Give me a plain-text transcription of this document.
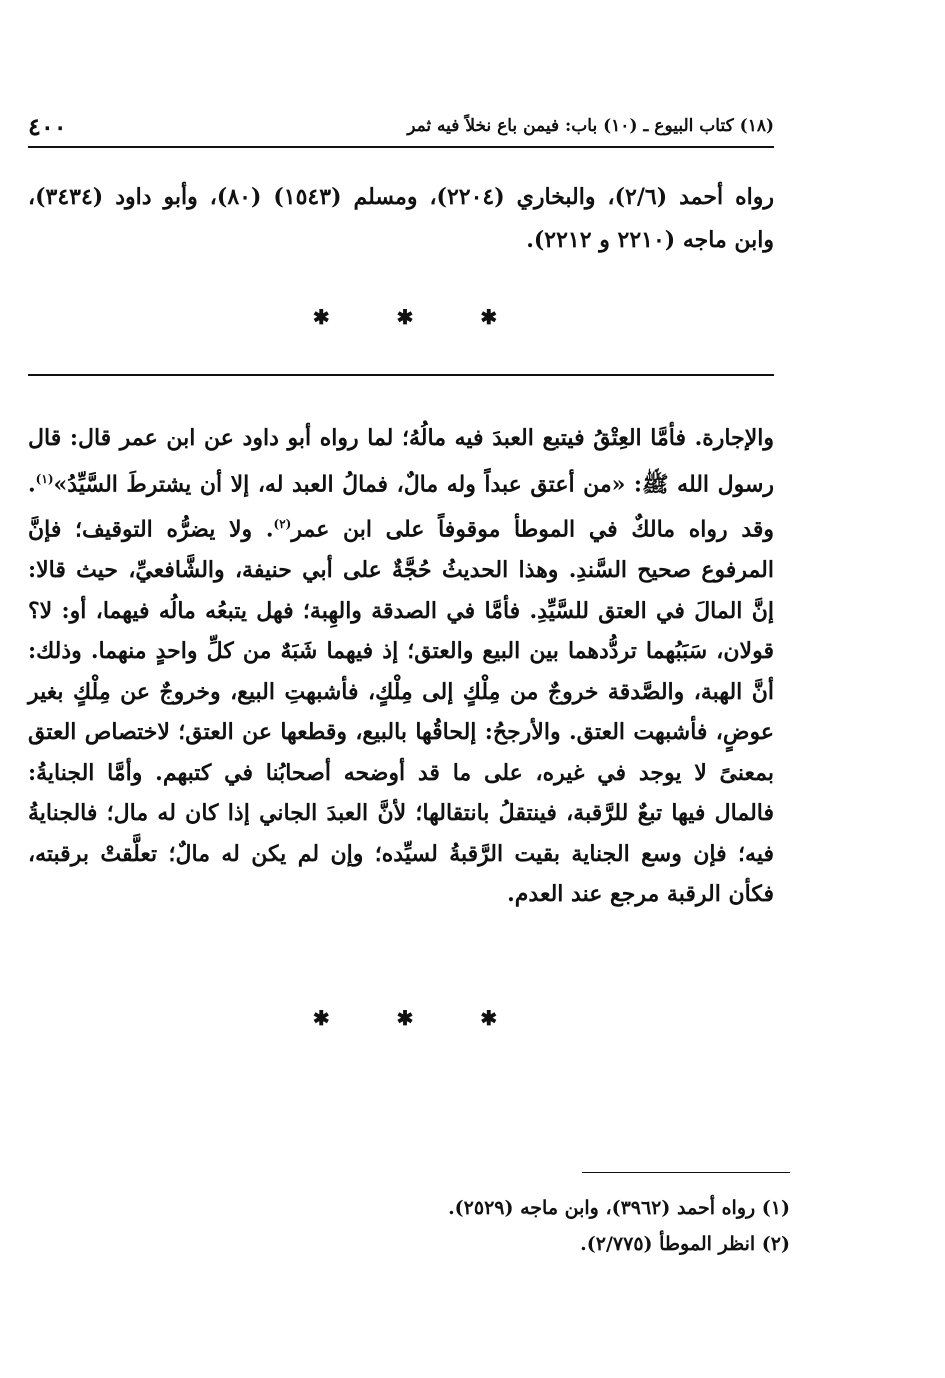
٤٠٠	(١٨) كتاب البيوع ـ (١٠) باب: فيمن باع نخلاً فيه ثمر

رواه أحمد (٢/٦)، والبخاري (٢٢٠٤)، ومسلم (١٥٤٣) (٨٠)، وأبو داود (٣٤٣٤)، وابن ماجه (٢٢١٠ و ٢٢١٢).

✱	✱	✱

والإجارة. فأمَّا العِتْقُ فيتبع العبدَ فيه مالُهُ؛ لما رواه أبو داود عن ابن عمر قال: قال رسول الله ﷺ: «من أعتق عبداً وله مالٌ، فمالُ العبد له، إلا أن يشترطَ السَّيِّدُ»$^{(١)}$. وقد رواه مالكٌ في الموطأ موقوفاً على ابن عمر$^{(٢)}$. ولا يضرُّه التوقيف؛ فإنَّ المرفوع صحيح السَّندِ. وهذا الحديثُ حُجَّةٌ على أبي حنيفة، والشَّافعيِّ، حيث قالا: إنَّ المالَ في العتق للسَّيِّدِ. فأمَّا في الصدقة والهِبة؛ فهل يتبعُه مالُه فيهما، أو: لا؟ قولان، سَبَبُهما تردُّدهما بين البيع والعتق؛ إذ فيهما شَبَهٌ من كلِّ واحدٍ منهما. وذلك: أنَّ الهبة، والصَّدقة خروجٌ من مِلْكٍ إلى مِلْكٍ، فأشبهتِ البيع، وخروجٌ عن مِلْكٍ بغير عوضٍ، فأشبهت العتق. والأرجحُ: إلحاقُها بالبيع، وقطعها عن العتق؛ لاختصاص العتق بمعنىً لا يوجد في غيره، على ما قد أوضحه أصحابُنا في كتبهم. وأمَّا الجنايةُ: فالمال فيها تبعٌ للرَّقبة، فينتقلُ بانتقالها؛ لأنَّ العبدَ الجاني إذا كان له مال؛ فالجنايةُ فيه؛ فإن وسع الجناية بقيت الرَّقبةُ لسيِّده؛ وإن لم يكن له مالٌ؛ تعلَّقتْ برقبته، فكأن الرقبة مرجع عند العدم.

✱	✱	✱
(١) رواه أحمد (٣٩٦٢)، وابن ماجه (٢٥٢٩).
(٢) انظر الموطأ (٢/٧٧٥).
